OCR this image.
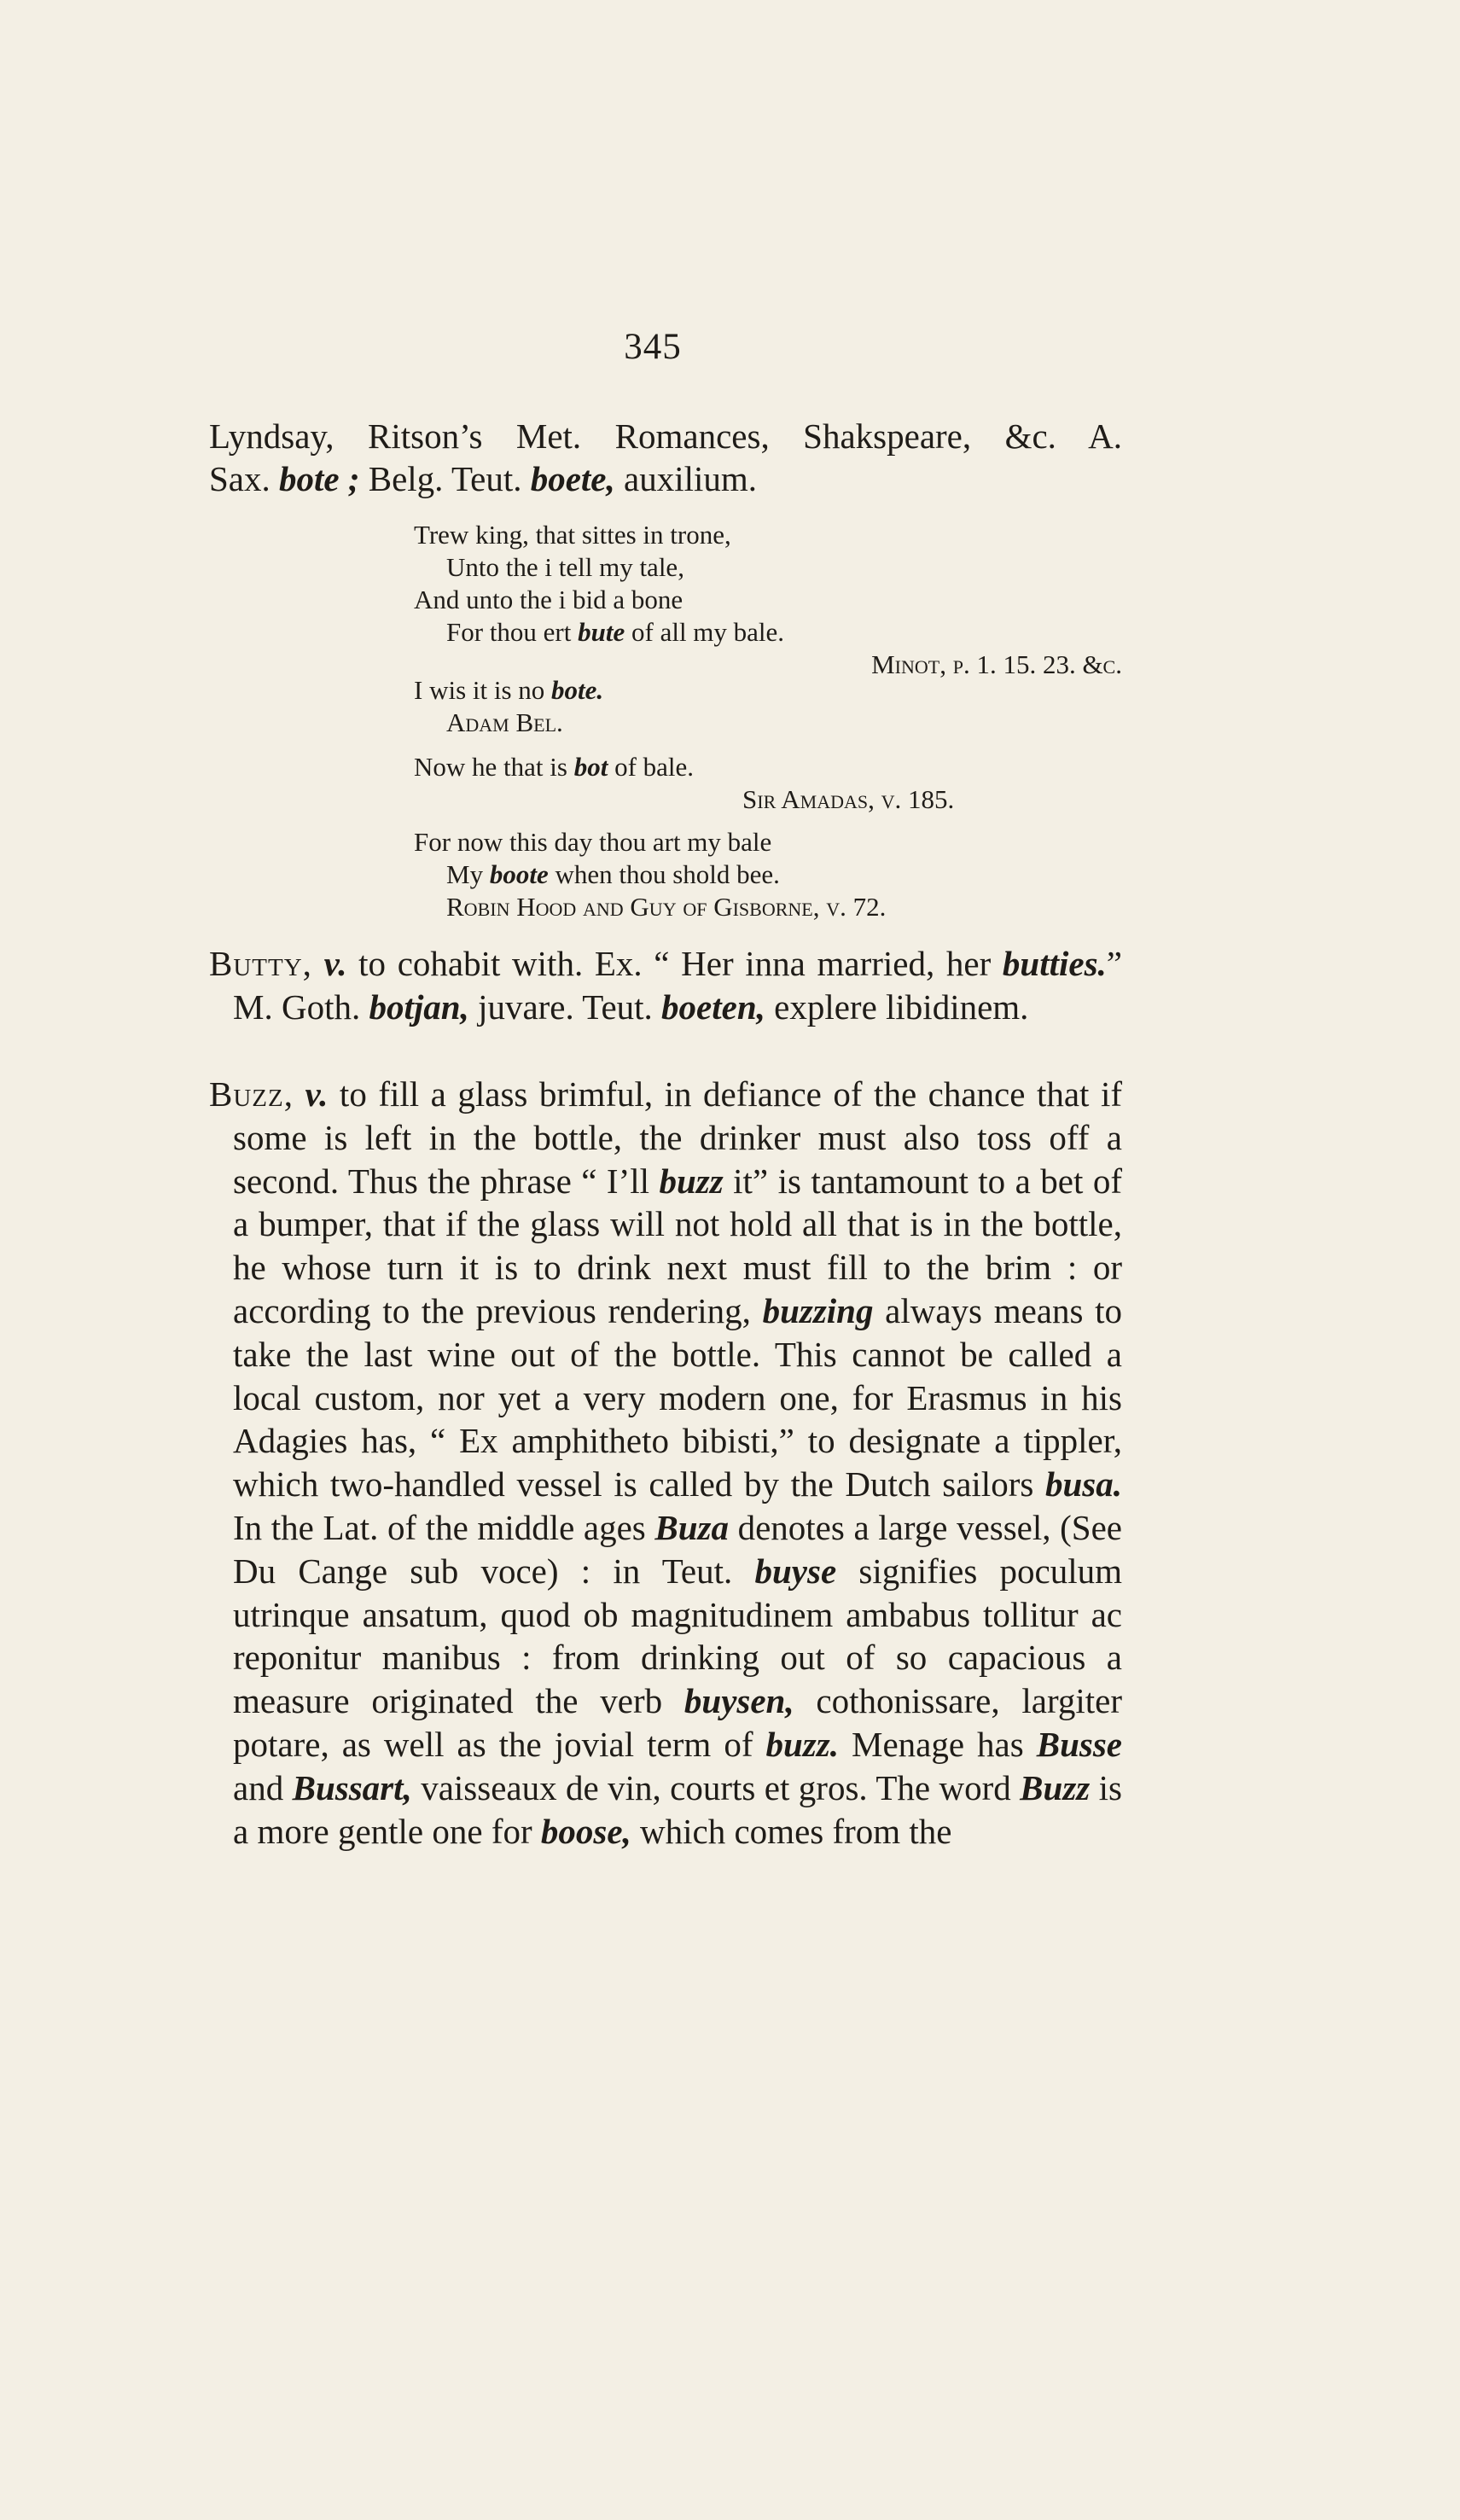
345
Lyndsay, Ritson’s Met. Romances, Shakspeare, &c. A.
Sax. bote ; Belg. Teut. boete, auxilium.
Trew king, that sittes in trone,
Unto the i tell my tale,
And unto the i bid a bone
For thou ert bute of all my bale.
Minot, p. 1. 15. 23. &c.
I wis it is no bote.
Adam Bel.
Now he that is bot of bale.
Sir Amadas, v. 185.
For now this day thou art my bale
My boote when thou shold bee.
Robin Hood and Guy of Gisborne, v. 72.
Butty, v. to cohabit with. Ex. “ Her inna married, her butties.” M. Goth. botjan, juvare. Teut. boeten, explere libidinem.
Buzz, v. to fill a glass brimful, in defiance of the chance that if some is left in the bottle, the drinker must also toss off a second. Thus the phrase “ I’ll buzz it” is tantamount to a bet of a bumper, that if the glass will not hold all that is in the bottle, he whose turn it is to drink next must fill to the brim : or according to the previous rendering, buzzing always means to take the last wine out of the bottle. This cannot be called a local custom, nor yet a very modern one, for Erasmus in his Adagies has, “ Ex amphitheto bibisti,” to designate a tippler, which two-handled vessel is called by the Dutch sailors busa. In the Lat. of the middle ages Buza denotes a large vessel, (See Du Cange sub voce) : in Teut. buyse signifies poculum utrinque ansatum, quod ob magnitudinem ambabus tollitur ac reponitur manibus : from drinking out of so capacious a measure originated the verb buysen, cothonissare, largiter potare, as well as the jovial term of buzz. Menage has Busse and Bussart, vaisseaux de vin, courts et gros. The word Buzz is a more gentle one for boose, which comes from the
